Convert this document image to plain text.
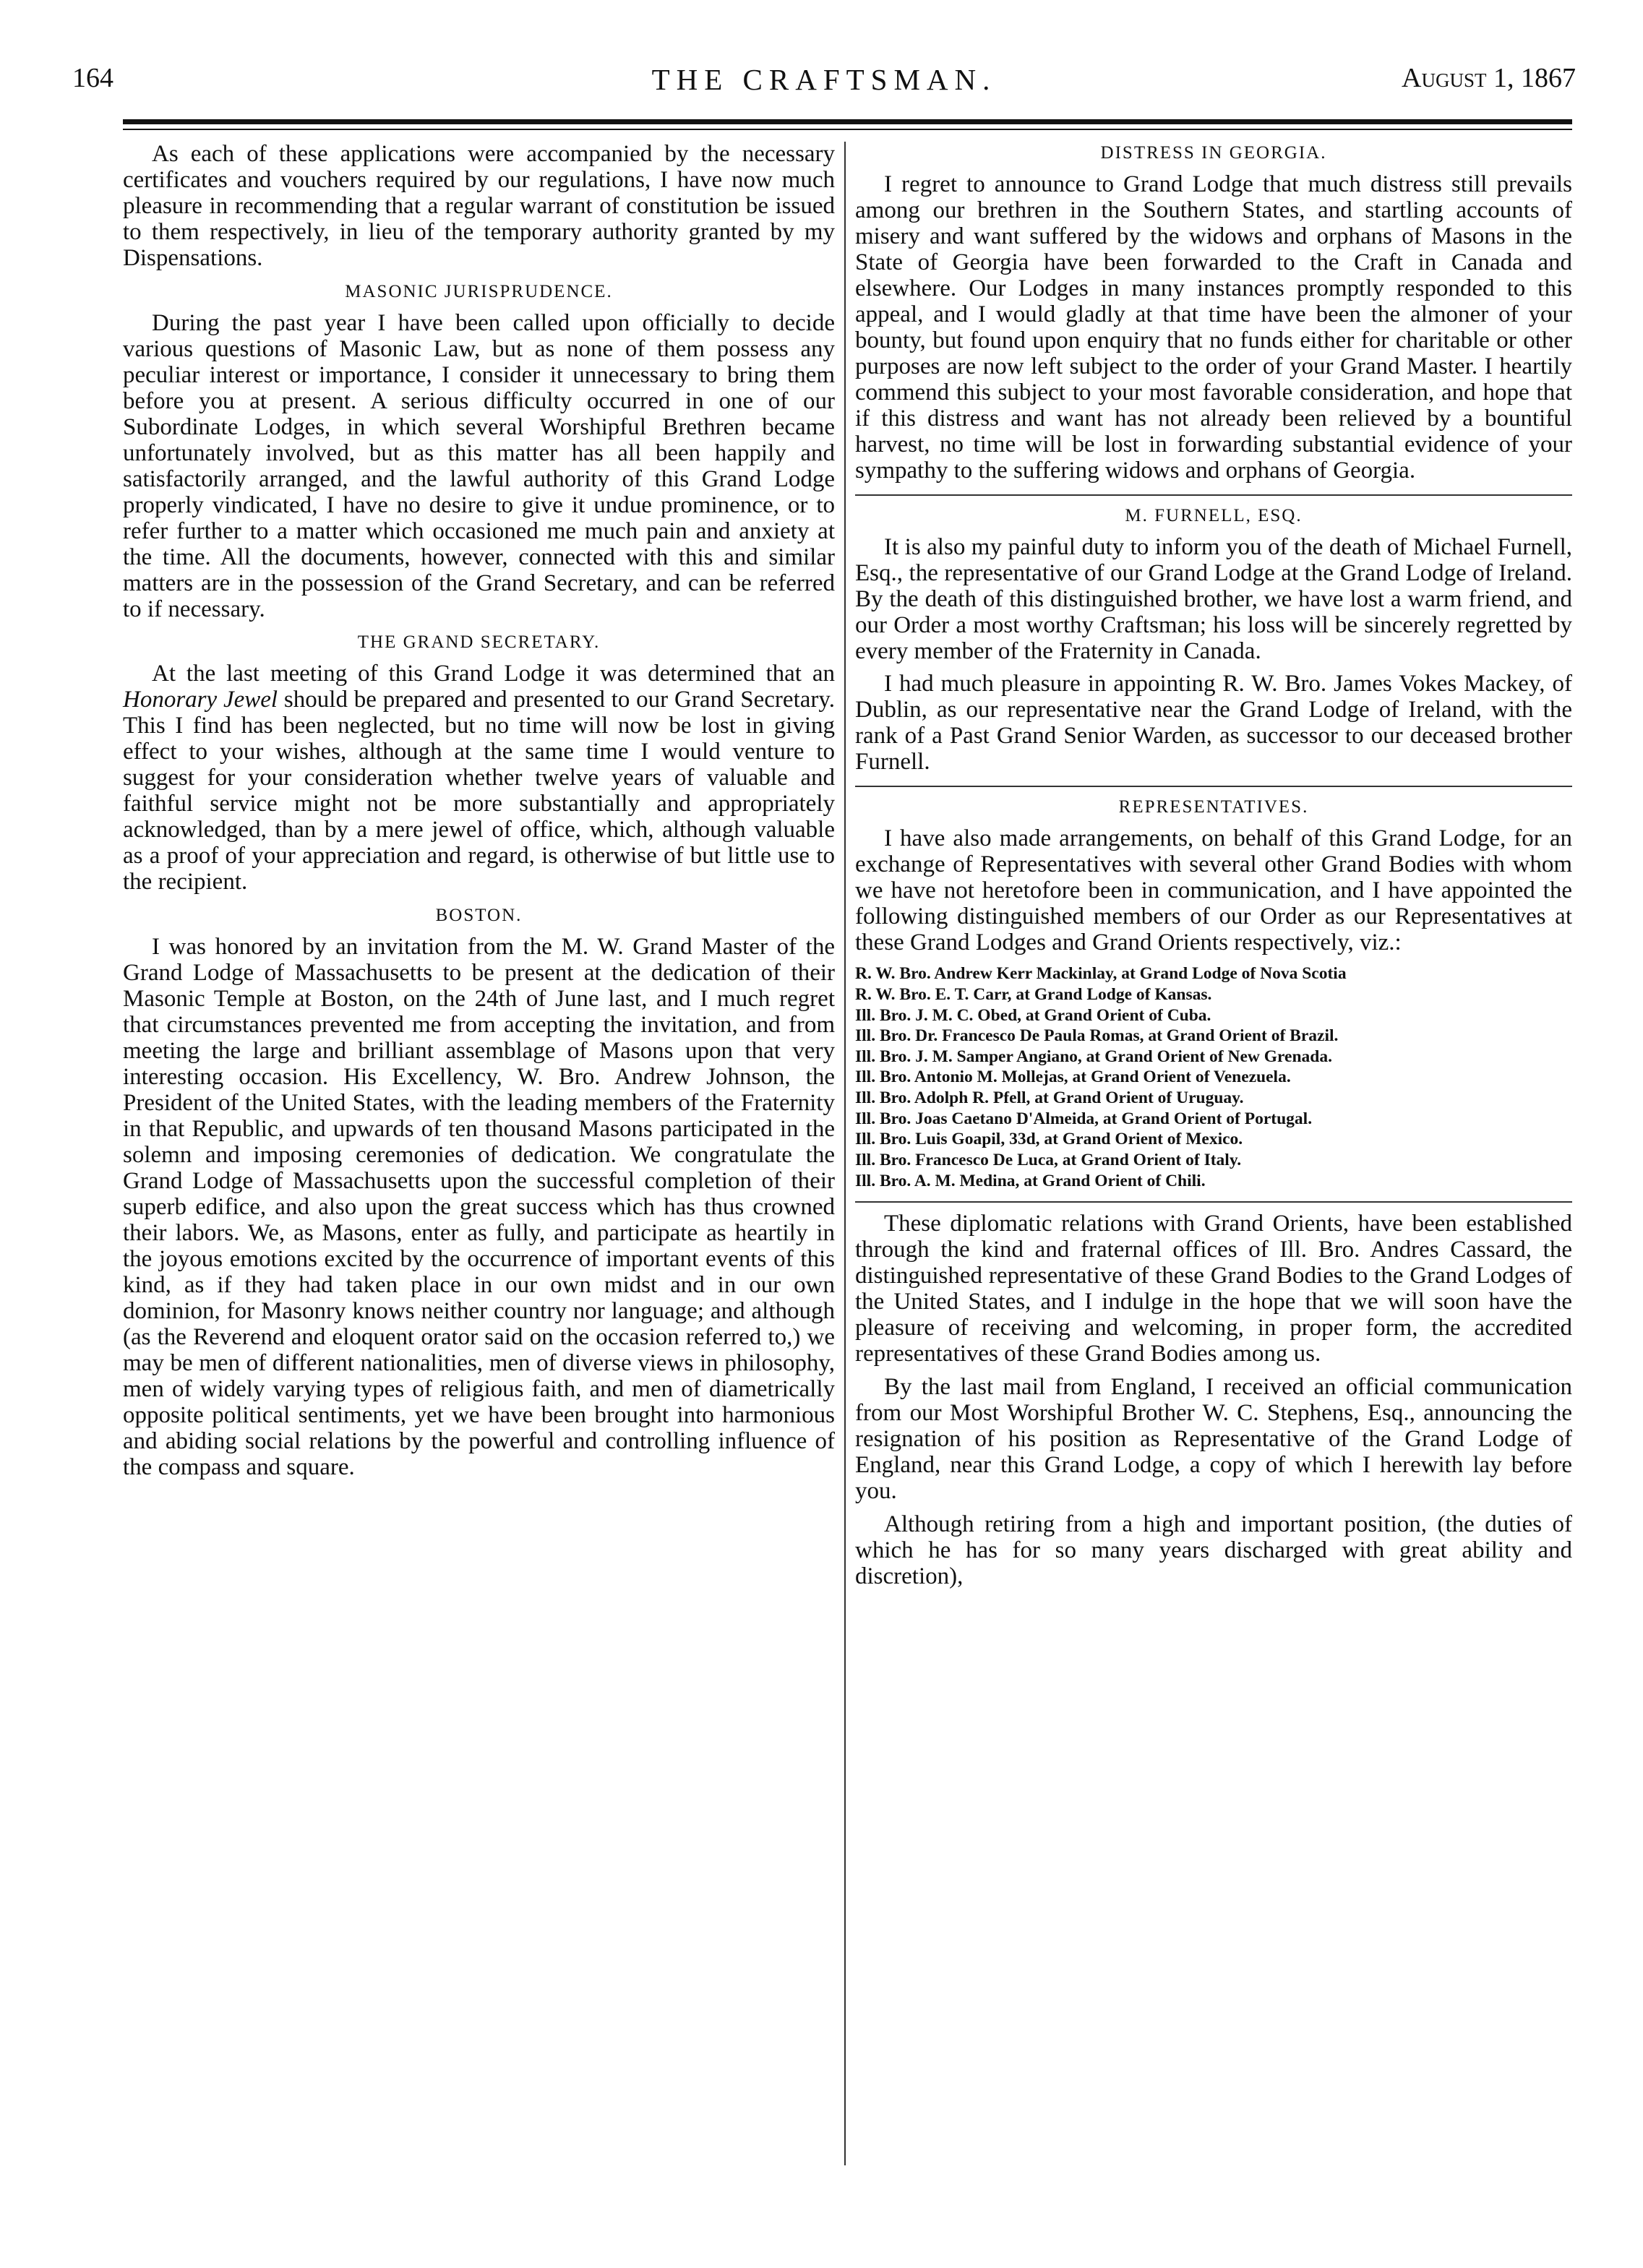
THE CRAFTSMAN.
164	August 1, 1867

As each of these applications were accompanied by the necessary certificates and vouchers required by our regulations, I have now much pleasure in recommending that a regular warrant of constitution be issued to them respectively, in lieu of the temporary authority granted by my Dispensations.

MASONIC JURISPRUDENCE.

During the past year I have been called upon officially to decide various questions of Masonic Law, but as none of them possess any peculiar interest or importance, I consider it unnecessary to bring them before you at present. A serious difficulty occurred in one of our Subordinate Lodges, in which several Worshipful Brethren became unfortunately involved, but as this matter has all been happily and satisfactorily arranged, and the lawful authority of this Grand Lodge properly vindicated, I have no desire to give it undue prominence, or to refer further to a matter which occasioned me much pain and anxiety at the time. All the documents, however, connected with this and similar matters are in the possession of the Grand Secretary, and can be referred to if necessary.

THE GRAND SECRETARY.

At the last meeting of this Grand Lodge it was determined that an Honorary Jewel should be prepared and presented to our Grand Secretary. This I find has been neglected, but no time will now be lost in giving effect to your wishes, although at the same time I would venture to suggest for your consideration whether twelve years of valuable and faithful service might not be more substantially and appropriately acknowledged, than by a mere jewel of office, which, although valuable as a proof of your appreciation and regard, is otherwise of but little use to the recipient.

BOSTON.

I was honored by an invitation from the M. W. Grand Master of the Grand Lodge of Massachusetts to be present at the dedication of their Masonic Temple at Boston, on the 24th of June last, and I much regret that circumstances prevented me from accepting the invitation, and from meeting the large and brilliant assemblage of Masons upon that very interesting occasion. His Excellency, W. Bro. Andrew Johnson, the President of the United States, with the leading members of the Fraternity in that Republic, and upwards of ten thousand Masons participated in the solemn and imposing ceremonies of dedication. We congratulate the Grand Lodge of Massachusetts upon the successful completion of their superb edifice, and also upon the great success which has thus crowned their labors. We, as Masons, enter as fully, and participate as heartily in the joyous emotions excited by the occurrence of important events of this kind, as if they had taken place in our own midst and in our own dominion, for Masonry knows neither country nor language; and although (as the Reverend and eloquent orator said on the occasion referred to,) we may be men of different nationalities, men of diverse views in philosophy, men of widely varying types of religious faith, and men of diametrically opposite political sentiments, yet we have been brought into harmonious and abiding social relations by the powerful and controlling influence of the compass and square.

DISTRESS IN GEORGIA.

I regret to announce to Grand Lodge that much distress still prevails among our brethren in the Southern States, and startling accounts of misery and want suffered by the widows and orphans of Masons in the State of Georgia have been forwarded to the Craft in Canada and elsewhere. Our Lodges in many instances promptly responded to this appeal, and I would gladly at that time have been the almoner of your bounty, but found upon enquiry that no funds either for charitable or other purposes are now left subject to the order of your Grand Master. I heartily commend this subject to your most favorable consideration, and hope that if this distress and want has not already been relieved by a bountiful harvest, no time will be lost in forwarding substantial evidence of your sympathy to the suffering widows and orphans of Georgia.

M. FURNELL, ESQ.

It is also my painful duty to inform you of the death of Michael Furnell, Esq., the representative of our Grand Lodge at the Grand Lodge of Ireland. By the death of this distinguished brother, we have lost a warm friend, and our Order a most worthy Craftsman; his loss will be sincerely regretted by every member of the Fraternity in Canada.

I had much pleasure in appointing R. W. Bro. James Vokes Mackey, of Dublin, as our representative near the Grand Lodge of Ireland, with the rank of a Past Grand Senior Warden, as successor to our deceased brother Furnell.

REPRESENTATIVES.

I have also made arrangements, on behalf of this Grand Lodge, for an exchange of Representatives with several other Grand Bodies with whom we have not heretofore been in communication, and I have appointed the following distinguished members of our Order as our Representatives at these Grand Lodges and Grand Orients respectively, viz.:

R. W. Bro. Andrew Kerr Mackinlay, at Grand Lodge of Nova Scotia
R. W. Bro. E. T. Carr, at Grand Lodge of Kansas.
Ill. Bro. J. M. C. Obed, at Grand Orient of Cuba.
Ill. Bro. Dr. Francesco De Paula Romas, at Grand Orient of Brazil.
Ill. Bro. J. M. Samper Angiano, at Grand Orient of New Grenada.
Ill. Bro. Antonio M. Mollejas, at Grand Orient of Venezuela.
Ill. Bro. Adolph R. Pfell, at Grand Orient of Uruguay.
Ill. Bro. Joas Caetano D'Almeida, at Grand Orient of Portugal.
Ill. Bro. Luis Goapil, 33d, at Grand Orient of Mexico.
Ill. Bro. Francesco De Luca, at Grand Orient of Italy.
Ill. Bro. A. M. Medina, at Grand Orient of Chili.

These diplomatic relations with Grand Orients, have been established through the kind and fraternal offices of Ill. Bro. Andres Cassard, the distinguished representative of these Grand Bodies to the Grand Lodges of the United States, and I indulge in the hope that we will soon have the pleasure of receiving and welcoming, in proper form, the accredited representatives of these Grand Bodies among us.

By the last mail from England, I received an official communication from our Most Worshipful Brother W. C. Stephens, Esq., announcing the resignation of his position as Representative of the Grand Lodge of England, near this Grand Lodge, a copy of which I herewith lay before you.

Although retiring from a high and important position, (the duties of which he has for so many years discharged with great ability and discretion),
